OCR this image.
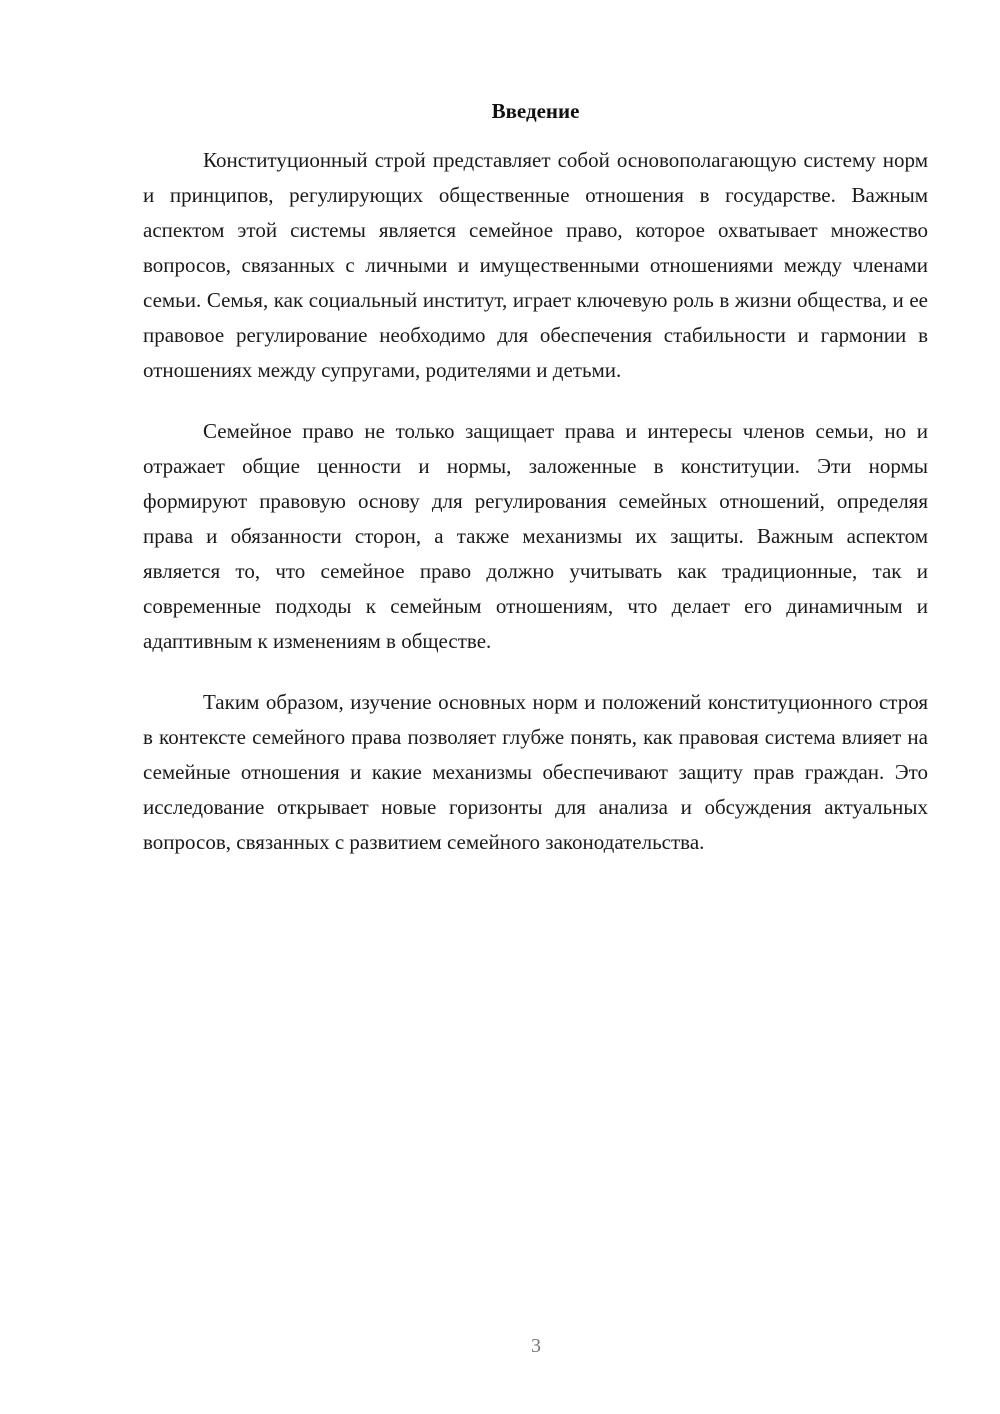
Введение

Конституционный строй представляет собой основополагающую систему норм и принципов, регулирующих общественные отношения в государстве. Важным аспектом этой системы является семейное право, которое охватывает множество вопросов, связанных с личными и имущественными отношениями между членами семьи. Семья, как социальный институт, играет ключевую роль в жизни общества, и ее правовое регулирование необходимо для обеспечения стабильности и гармонии в отношениях между супругами, родителями и детьми.

Семейное право не только защищает права и интересы членов семьи, но и отражает общие ценности и нормы, заложенные в конституции. Эти нормы формируют правовую основу для регулирования семейных отношений, определяя права и обязанности сторон, а также механизмы их защиты. Важным аспектом является то, что семейное право должно учитывать как традиционные, так и современные подходы к семейным отношениям, что делает его динамичным и адаптивным к изменениям в обществе.

Таким образом, изучение основных норм и положений конституционного строя в контексте семейного права позволяет глубже понять, как правовая система влияет на семейные отношения и какие механизмы обеспечивают защиту прав граждан. Это исследование открывает новые горизонты для анализа и обсуждения актуальных вопросов, связанных с развитием семейного законодательства.

3
